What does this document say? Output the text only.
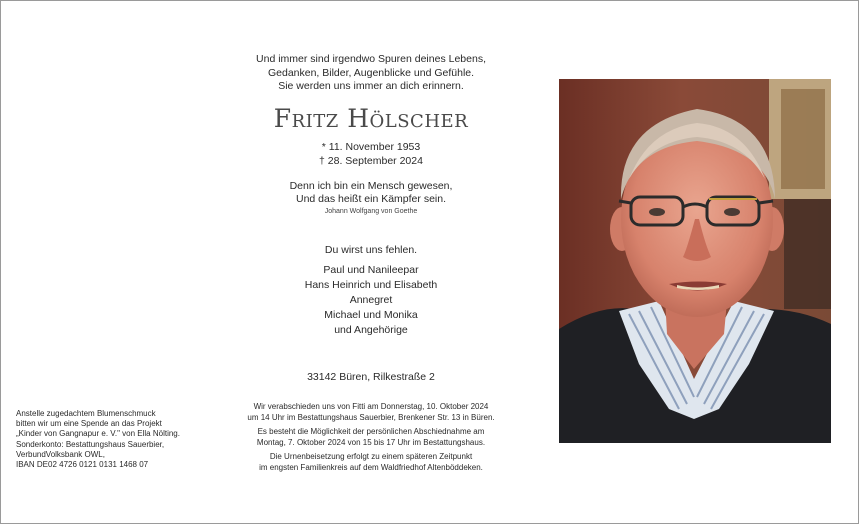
Und immer sind irgendwo Spuren deines Lebens,
Gedanken, Bilder, Augenblicke und Gefühle.
Sie werden uns immer an dich erinnern.
Fritz Hölscher
* 11. November 1953
† 28. September 2024
Denn ich bin ein Mensch gewesen,
Und das heißt ein Kämpfer sein.
Johann Wolfgang von Goethe
Du wirst uns fehlen.
Paul und Nanileepar
Hans Heinrich und Elisabeth
Annegret
Michael und Monika
und Angehörige
33142 Büren, Rilkestraße 2

Wir verabschieden uns von Fitti am Donnerstag, 10. Oktober 2024
um 14 Uhr im Bestattungshaus Sauerbier, Brenkener Str. 13 in Büren.

Es besteht die Möglichkeit der persönlichen Abschiednahme am
Montag, 7. Oktober 2024 von 15 bis 17 Uhr im Bestattungshaus.

Die Urnenbeisetzung erfolgt zu einem späteren Zeitpunkt
im engsten Familienkreis auf dem Waldfriedhof Altenböddeken.

Anstelle zugedachtem Blumenschmuck
bitten wir um eine Spende an das Projekt
„Kinder von Gangnapur e. V." von Ella Nölting.
Sonderkonto: Bestattungshaus Sauerbier,
VerbundVolksbank OWL,
IBAN DE02 4726 0121 0131 1468 07
